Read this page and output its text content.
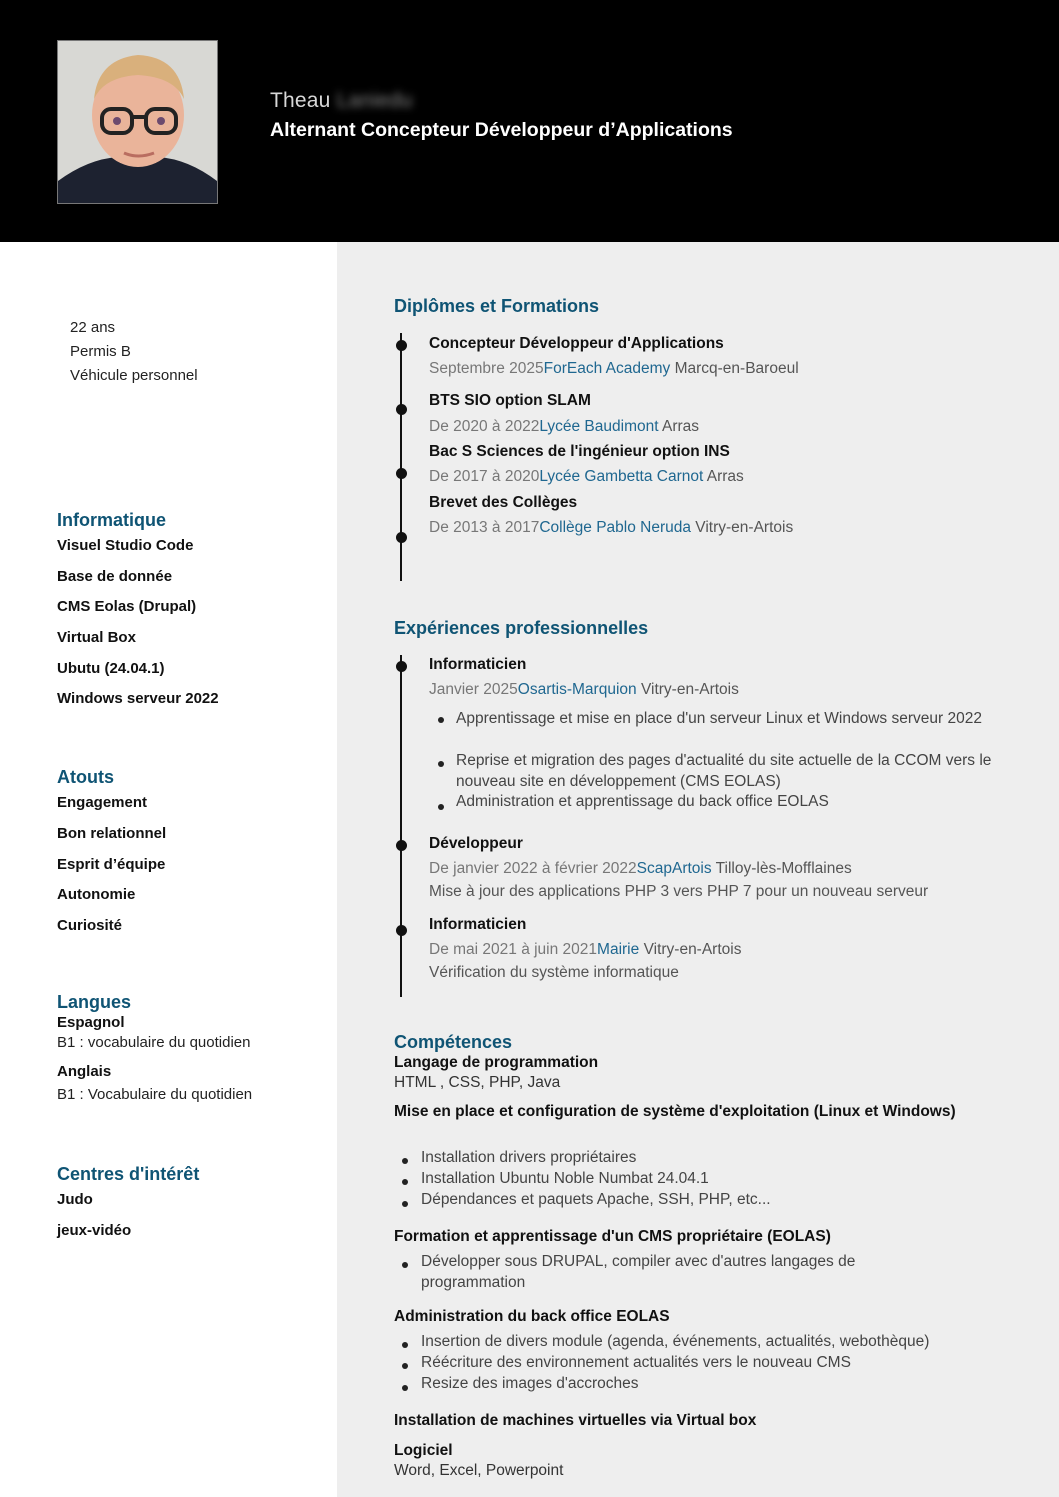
Theau Laniedu
Alternant Concepteur Développeur d’Applications
22 ans
Permis B
Véhicule personnel
Informatique
Visuel Studio Code
Base de donnée
CMS Eolas (Drupal)
Virtual Box
Ubutu (24.04.1)
Windows serveur 2022
Atouts
Engagement
Bon relationnel
Esprit d’équipe
Autonomie
Curiosité
Langues
Espagnol
B1 : vocabulaire du quotidien
Anglais
B1 : Vocabulaire du quotidien
Centres d'intérêt
Judo
jeux-vidéo
Diplômes et Formations
Concepteur Développeur d'Applications
Septembre 2025ForEach Academy Marcq-en-Baroeul
BTS SIO option SLAM
De 2020 à 2022Lycée Baudimont Arras
Bac S Sciences de l'ingénieur option INS
De 2017 à 2020Lycée Gambetta Carnot Arras
Brevet des Collèges
De 2013 à 2017Collège Pablo Neruda Vitry-en-Artois
Expériences professionnelles
Informaticien
Janvier 2025Osartis-Marquion Vitry-en-Artois
Apprentissage et mise en place d'un serveur Linux et Windows serveur 2022
Reprise et migration des pages d'actualité du site actuelle de la CCOM vers le nouveau site en développement (CMS EOLAS)
Administration et apprentissage du back office EOLAS
Développeur
De janvier 2022 à février 2022ScapArtois Tilloy-lès-Mofflaines
Mise à jour des applications PHP 3 vers PHP 7 pour un nouveau serveur
Informaticien
De mai 2021 à juin 2021Mairie Vitry-en-Artois
Vérification du système informatique
Compétences
Langage de programmation
HTML , CSS, PHP, Java
Mise en place et configuration de système d'exploitation (Linux et Windows)
Installation drivers propriétaires
Installation Ubuntu Noble Numbat 24.04.1
Dépendances et paquets Apache, SSH, PHP, etc...
Formation et apprentissage d'un CMS propriétaire (EOLAS)
Développer sous DRUPAL, compiler avec d'autres langages de programmation
Administration du back office EOLAS
Insertion de divers module (agenda, événements, actualités, webothèque)
Réécriture des environnement actualités vers le nouveau CMS
Resize des images d'accroches
Installation de machines virtuelles via Virtual box
Logiciel
Word, Excel, Powerpoint
